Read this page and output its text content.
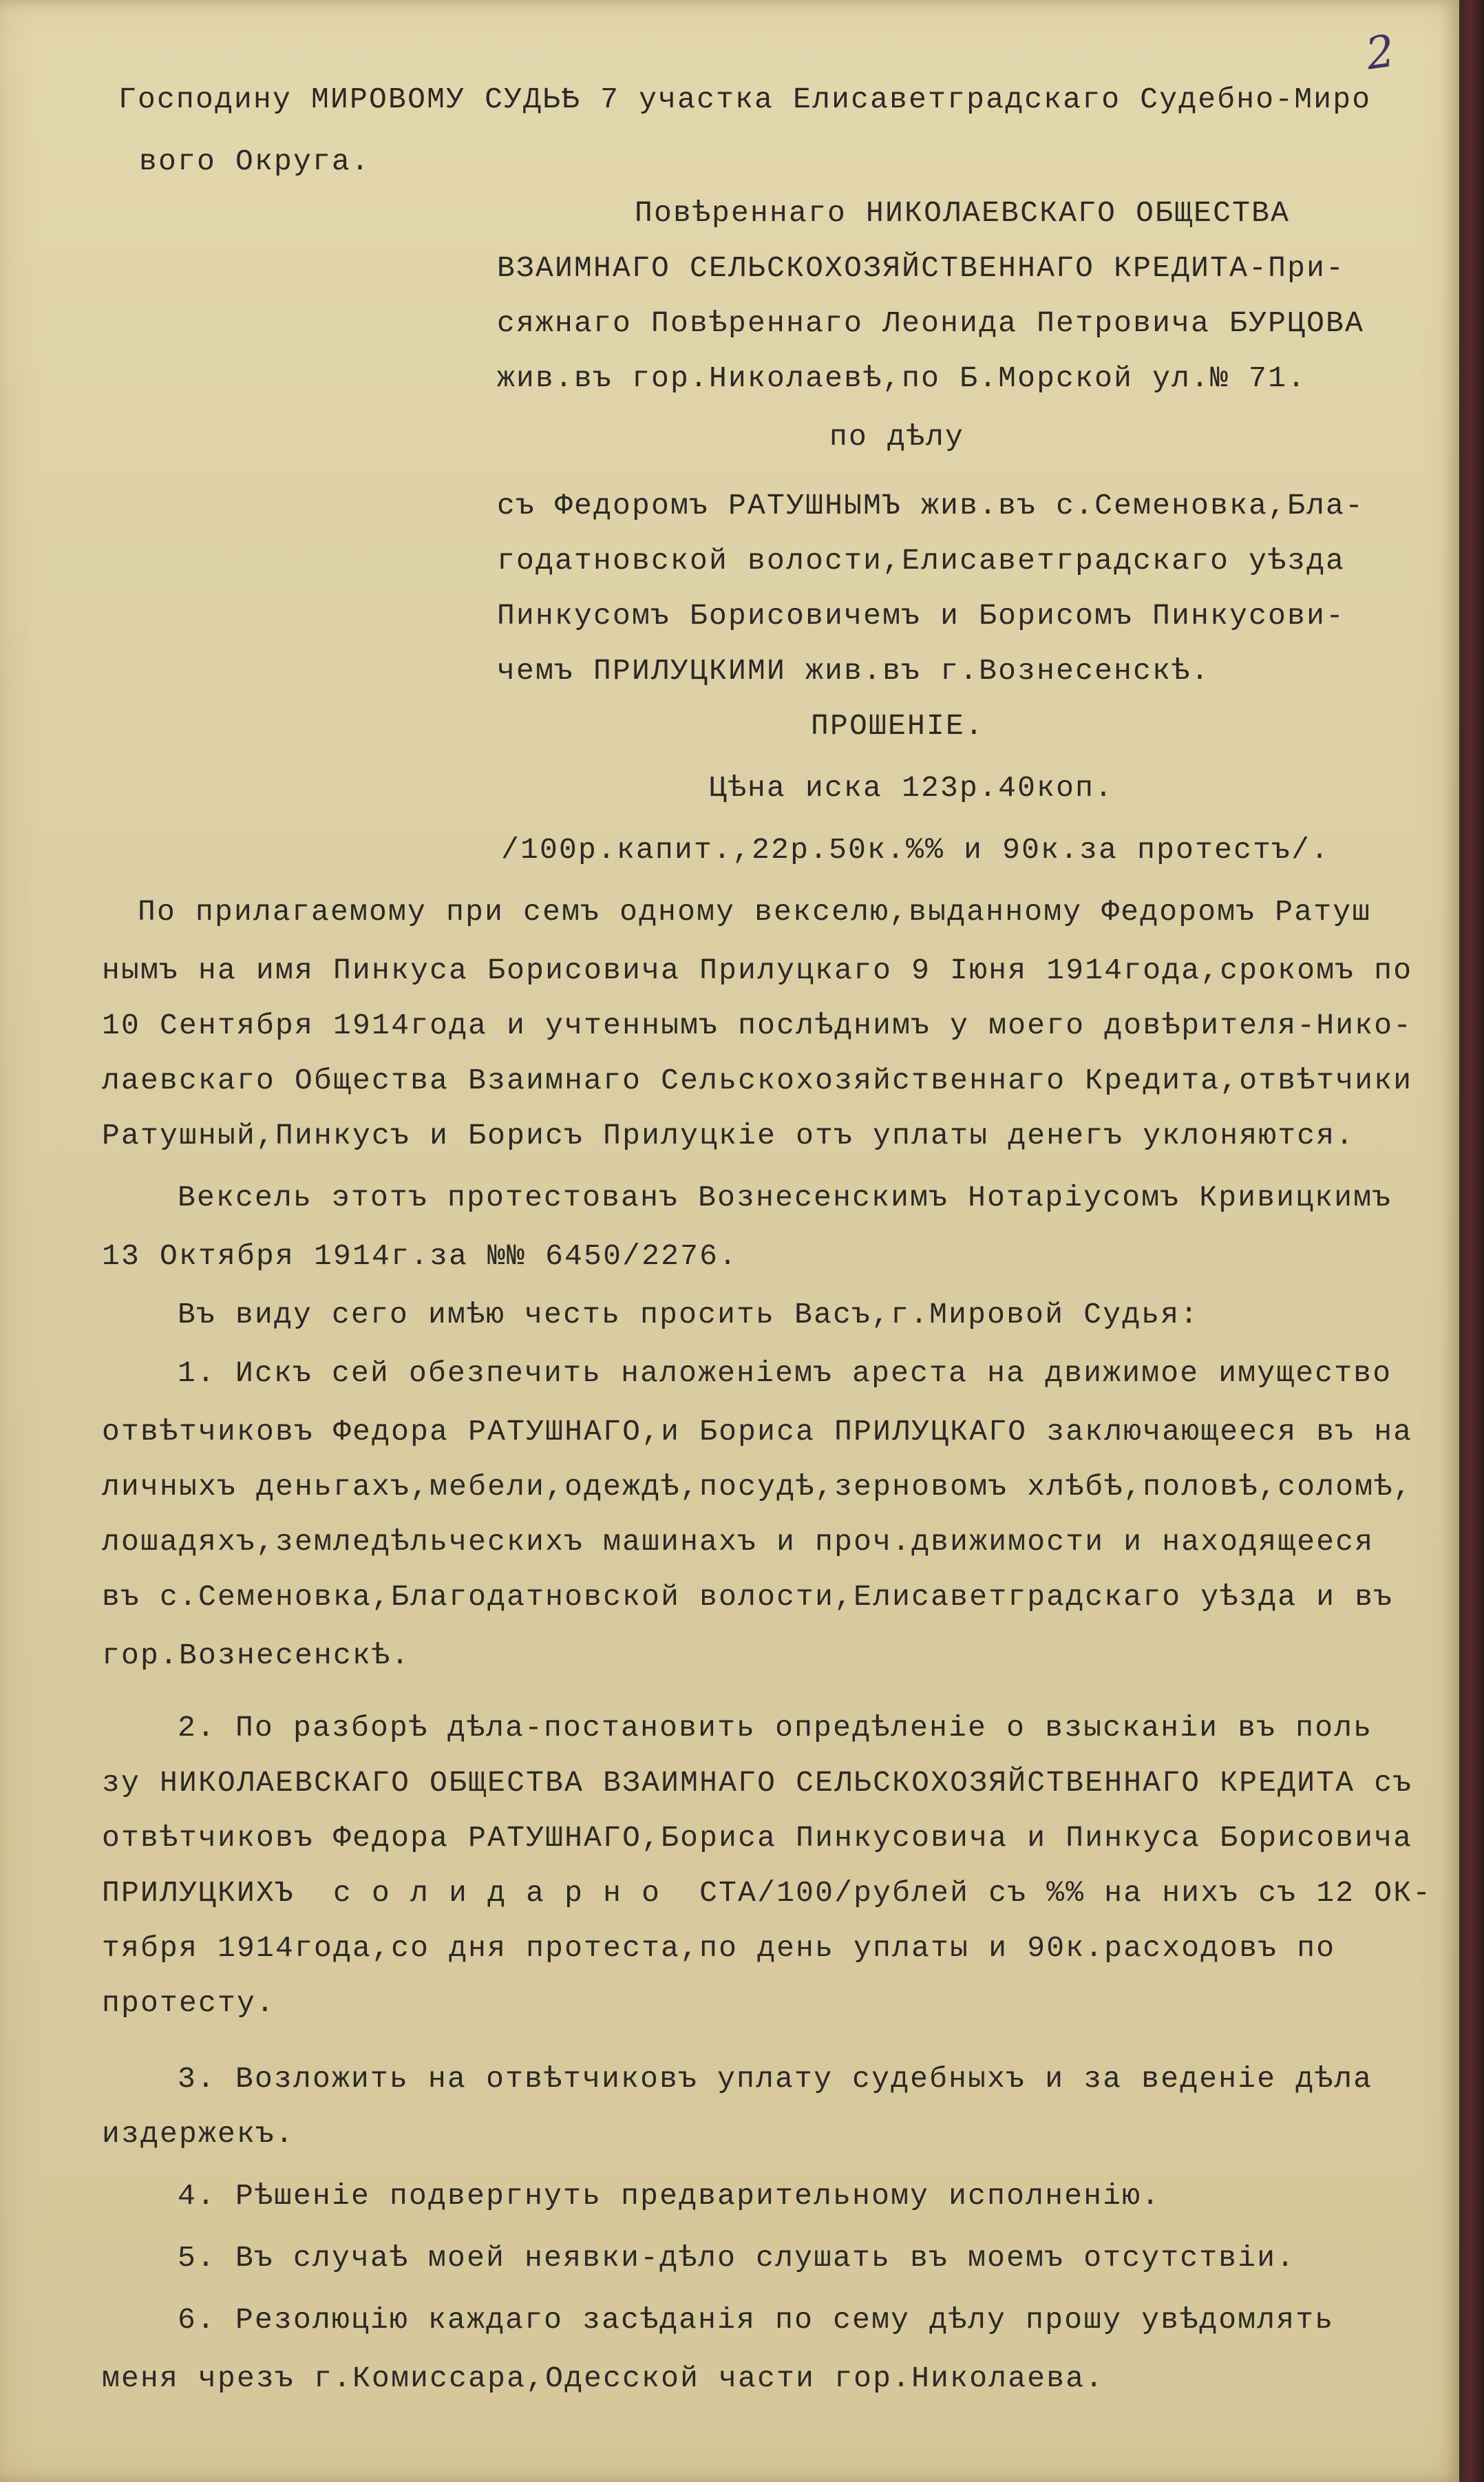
2
Господину МИРОВОМУ СУДЬѢ 7 участка Елисаветградскаго Судебно-Миро
вого Округа.
Повѣреннаго НИКОЛАЕВСКАГО ОБЩЕСТВА
ВЗАИМНАГО СЕЛЬСКОХОЗЯЙСТВЕННАГО КРЕДИТА-При-
сяжнаго Повѣреннаго Леонида Петровича БУРЦОВА
жив.въ гор.Николаевѣ,по Б.Морской ул.№ 71.
по дѣлу
съ Федоромъ РАТУШНЫМЪ жив.въ с.Семеновка,Бла-
годатновской волости,Елисаветградскаго уѣзда
Пинкусомъ Борисовичемъ и Борисомъ Пинкусови-
чемъ ПРИЛУЦКИМИ жив.въ г.Вознесенскѣ.
ПРОШЕНІЕ.
Цѣна иска 123р.40коп.
/100р.капит.,22р.50к.%% и 90к.за протестъ/.
По прилагаемому при семъ одному векселю,выданному Федоромъ Ратуш
нымъ на имя Пинкуса Борисовича Прилуцкаго 9 Іюня 1914года,срокомъ по
10 Сентября 1914года и учтеннымъ послѣднимъ у моего довѣрителя-Нико-
лаевскаго Общества Взаимнаго Сельскохозяйственнаго Кредита,отвѣтчики
Ратушный,Пинкусъ и Борисъ Прилуцкіе отъ уплаты денегъ уклоняются.
Вексель этотъ протестованъ Вознесенскимъ Нотаріусомъ Кривицкимъ
13 Октября 1914г.за №№ 6450/2276.
Въ виду сего имѣю честь просить Васъ,г.Мировой Судья:
1. Искъ сей обезпечить наложеніемъ ареста на движимое имущество
отвѣтчиковъ Федора РАТУШНАГО,и Бориса ПРИЛУЦКАГО заключающееся въ на
личныхъ деньгахъ,мебели,одеждѣ,посудѣ,зерновомъ хлѣбѣ,половѣ,соломѣ,
лошадяхъ,земледѣльческихъ машинахъ и проч.движимости и находящееся
въ с.Семеновка,Благодатновской волости,Елисаветградскаго уѣзда и въ
гор.Вознесенскѣ.
2. По разборѣ дѣла-постановить опредѣленіе о взысканіи въ поль
зу НИКОЛАЕВСКАГО ОБЩЕСТВА ВЗАИМНАГО СЕЛЬСКОХОЗЯЙСТВЕННАГО КРЕДИТА съ
отвѣтчиковъ Федора РАТУШНАГО,Бориса Пинкусовича и Пинкуса Борисовича
ПРИЛУЦКИХЪ  с о л и д а р н о  СТА/100/рублей съ %% на нихъ съ 12 ОК-
тября 1914года,со дня протеста,по день уплаты и 90к.расходовъ по
протесту.
3. Возложить на отвѣтчиковъ уплату судебныхъ и за веденіе дѣла
издержекъ.
4. Рѣшеніе подвергнуть предварительному исполненію.
5. Въ случаѣ моей неявки-дѣло слушать въ моемъ отсутствіи.
6. Резолюцію каждаго засѣданія по сему дѣлу прошу увѣдомлять
меня чрезъ г.Комиссара,Одесской части гор.Николаева.
